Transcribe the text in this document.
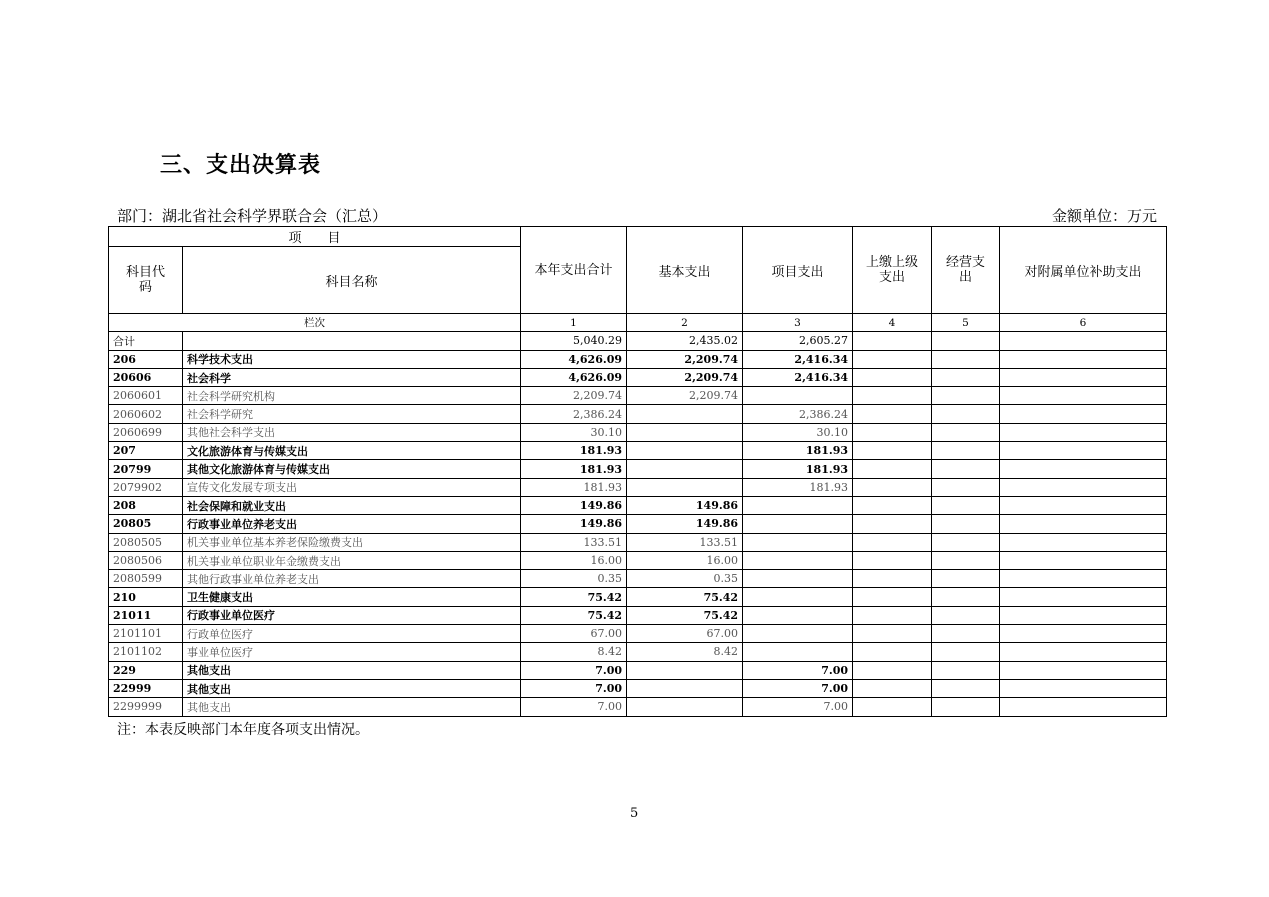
三、支出决算表
部门：湖北省社会科学界联合会（汇总）	金额单位：万元
项　　目		本年支出合计	基本支出	项目支出	上缴上级支出	经营支出	对附属单位补助支出
科目代码	科目名称						
栏次		1	2	3	4	5	6
合计		5,040.29	2,435.02	2,605.27			
206	科学技术支出	4,626.09	2,209.74	2,416.34			
20606	社会科学	4,626.09	2,209.74	2,416.34			
2060601	社会科学研究机构	2,209.74	2,209.74				
2060602	社会科学研究	2,386.24		2,386.24			
2060699	其他社会科学支出	30.10		30.10			
207	文化旅游体育与传媒支出	181.93		181.93			
20799	其他文化旅游体育与传媒支出	181.93		181.93			
2079902	宣传文化发展专项支出	181.93		181.93			
208	社会保障和就业支出	149.86	149.86				
20805	行政事业单位养老支出	149.86	149.86				
2080505	机关事业单位基本养老保险缴费支出	133.51	133.51				
2080506	机关事业单位职业年金缴费支出	16.00	16.00				
2080599	其他行政事业单位养老支出	0.35	0.35				
210	卫生健康支出	75.42	75.42				
21011	行政事业单位医疗	75.42	75.42				
2101101	行政单位医疗	67.00	67.00				
2101102	事业单位医疗	8.42	8.42				
229	其他支出	7.00		7.00			
22999	其他支出	7.00		7.00			
2299999	其他支出	7.00		7.00			
注：本表反映部门本年度各项支出情况。
5
